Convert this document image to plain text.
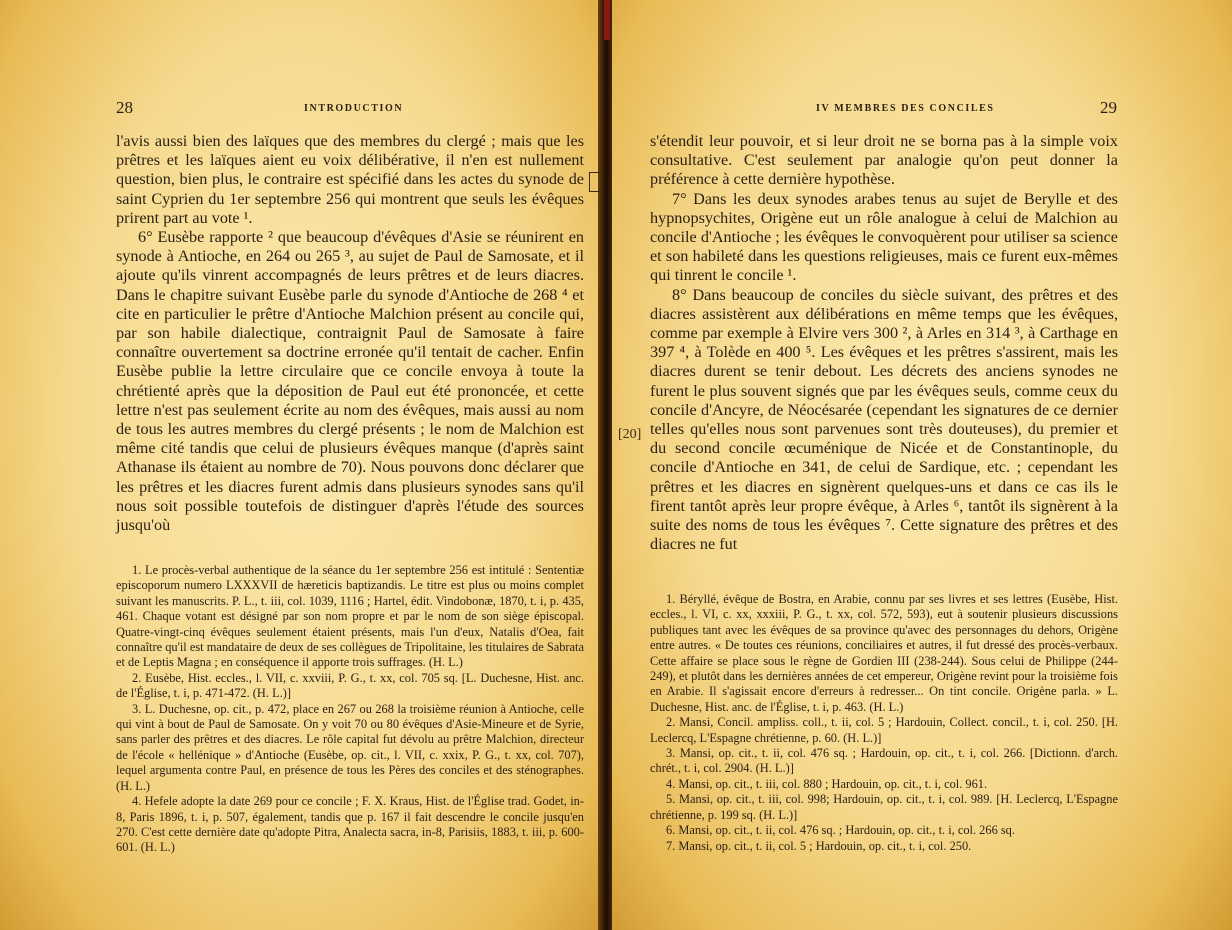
28	INTRODUCTION

l'avis aussi bien des laïques que des membres du clergé ; mais que les prêtres et les laïques aient eu voix délibérative, il n'en est nullement question, bien plus, le contraire est spécifié dans les actes du synode de saint Cyprien du 1er septembre 256 qui montrent que seuls les évêques prirent part au vote ¹.

6° Eusèbe rapporte ² que beaucoup d'évêques d'Asie se réunirent en synode à Antioche, en 264 ou 265 ³, au sujet de Paul de Samosate, et il ajoute qu'ils vinrent accompagnés de leurs prêtres et de leurs diacres. Dans le chapitre suivant Eusèbe parle du synode d'Antioche de 268 ⁴ et cite en particulier le prêtre d'Antioche Malchion présent au concile qui, par son habile dialectique, contraignit Paul de Samosate à faire connaître ouvertement sa doctrine erronée qu'il tentait de cacher. Enfin Eusèbe publie la lettre circulaire que ce concile envoya à toute la chrétienté après que la déposition de Paul eut été prononcée, et cette lettre n'est pas seulement écrite au nom des évêques, mais aussi au nom de tous les autres membres du clergé présents ; le nom de Malchion est même cité tandis que celui de plusieurs évêques manque (d'après saint Athanase ils étaient au nombre de 70). Nous pouvons donc déclarer que les prêtres et les diacres furent admis dans plusieurs synodes sans qu'il nous soit possible toutefois de distinguer d'après l'étude des sources jusqu'où

1. Le procès-verbal authentique de la séance du 1er septembre 256 est intitulé : Sententiæ episcoporum numero LXXXVII de hæreticis baptizandis. Le titre est plus ou moins complet suivant les manuscrits. P. L., t. iii, col. 1039, 1116 ; Hartel, édit. Vindobonæ, 1870, t. i, p. 435, 461. Chaque votant est désigné par son nom propre et par le nom de son siège épiscopal. Quatre-vingt-cinq évêques seulement étaient présents, mais l'un d'eux, Natalis d'Oea, fait connaître qu'il est mandataire de deux de ses collègues de Tripolitaine, les titulaires de Sabrata et de Leptis Magna ; en conséquence il apporte trois suffrages. (H. L.)

2. Eusèbe, Hist. eccles., l. VII, c. xxviii, P. G., t. xx, col. 705 sq. [L. Duchesne, Hist. anc. de l'Église, t. i, p. 471-472. (H. L.)]

3. L. Duchesne, op. cit., p. 472, place en 267 ou 268 la troisième réunion à Antioche, celle qui vint à bout de Paul de Samosate. On y voit 70 ou 80 évêques d'Asie-Mineure et de Syrie, sans parler des prêtres et des diacres. Le rôle capital fut dévolu au prêtre Malchion, directeur de l'école « hellénique » d'Antioche (Eusèbe, op. cit., l. VII, c. xxix, P. G., t. xx, col. 707), lequel argumenta contre Paul, en présence de tous les Pères des conciles et des sténographes. (H. L.)

4. Hefele adopte la date 269 pour ce concile ; F. X. Kraus, Hist. de l'Église trad. Godet, in-8, Paris 1896, t. i, p. 507, également, tandis que p. 167 il fait descendre le concile jusqu'en 270. C'est cette dernière date qu'adopte Pitra, Analecta sacra, in-8, Parisiis, 1883, t. iii, p. 600-601. (H. L.)

IV MEMBRES DES CONCILES	29
[20]

s'étendit leur pouvoir, et si leur droit ne se borna pas à la simple voix consultative. C'est seulement par analogie qu'on peut donner la préférence à cette dernière hypothèse.

7° Dans les deux synodes arabes tenus au sujet de Berylle et des hypnopsychites, Origène eut un rôle analogue à celui de Malchion au concile d'Antioche ; les évêques le convoquèrent pour utiliser sa science et son habileté dans les questions religieuses, mais ce furent eux-mêmes qui tinrent le concile ¹.

8° Dans beaucoup de conciles du siècle suivant, des prêtres et des diacres assistèrent aux délibérations en même temps que les évêques, comme par exemple à Elvire vers 300 ², à Arles en 314 ³, à Carthage en 397 ⁴, à Tolède en 400 ⁵. Les évêques et les prêtres s'assirent, mais les diacres durent se tenir debout. Les décrets des anciens synodes ne furent le plus souvent signés que par les évêques seuls, comme ceux du concile d'Ancyre, de Néocésarée (cependant les signatures de ce dernier telles qu'elles nous sont parvenues sont très douteuses), du premier et du second concile œcuménique de Nicée et de Constantinople, du concile d'Antioche en 341, de celui de Sardique, etc. ; cependant les prêtres et les diacres en signèrent quelques-uns et dans ce cas ils le firent tantôt après leur propre évêque, à Arles ⁶, tantôt ils signèrent à la suite des noms de tous les évêques ⁷. Cette signature des prêtres et des diacres ne fut

1. Béryllé, évêque de Bostra, en Arabie, connu par ses livres et ses lettres (Eusèbe, Hist. eccles., l. VI, c. xx, xxxiii, P. G., t. xx, col. 572, 593), eut à soutenir plusieurs discussions publiques tant avec les évêques de sa province qu'avec des personnages du dehors, Origène entre autres. « De toutes ces réunions, conciliaires et autres, il fut dressé des procès-verbaux. Cette affaire se place sous le règne de Gordien III (238-244). Sous celui de Philippe (244-249), et plutôt dans les dernières années de cet empereur, Origène revint pour la troisième fois en Arabie. Il s'agissait encore d'erreurs à redresser... On tint concile. Origène parla. » L. Duchesne, Hist. anc. de l'Église, t. i, p. 463. (H. L.)

2. Mansi, Concil. ampliss. coll., t. ii, col. 5 ; Hardouin, Collect. concil., t. i, col. 250. [H. Leclercq, L'Espagne chrétienne, p. 60. (H. L.)]

3. Mansi, op. cit., t. ii, col. 476 sq. ; Hardouin, op. cit., t. i, col. 266. [Dictionn. d'arch. chrét., t. i, col. 2904. (H. L.)]

4. Mansi, op. cit., t. iii, col. 880 ; Hardouin, op. cit., t. i, col. 961.

5. Mansi, op. cit., t. iii, col. 998; Hardouin, op. cit., t. i, col. 989. [H. Leclercq, L'Espagne chrétienne, p. 199 sq. (H. L.)]

6. Mansi, op. cit., t. ii, col. 476 sq. ; Hardouin, op. cit., t. i, col. 266 sq.

7. Mansi, op. cit., t. ii, col. 5 ; Hardouin, op. cit., t. i, col. 250.
